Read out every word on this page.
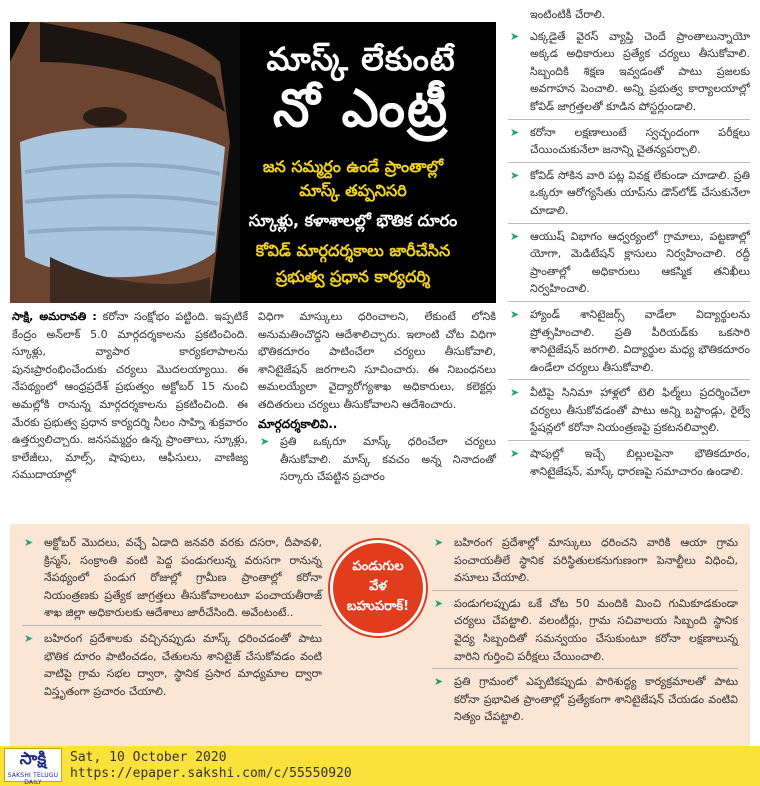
మాస్క్ లేకుంటే
నో ఎంట్రీ
జన సమ్మర్దం ఉండే ప్రాంతాల్లో
మాస్క్ తప్పనిసరి
స్కూళ్లు, కళాశాలల్లో భౌతిక దూరం
కోవిడ్ మార్గదర్శకాలు జారీచేసిన
ప్రభుత్వ ప్రధాన కార్యదర్శి

సాక్షి, అమరావతి : కరోనా సంక్షోభం పట్టింది. ఇప్పటికే కేంద్రం అన్‌లాక్ 5.0 మార్గదర్శకాలను ప్రకటించింది. స్కూళ్లు, వ్యాపార కార్యకలాపాలను పునఃప్రారంభించేందుకు చర్యలు మొదలయ్యాయి. ఈ నేపథ్యంలో ఆంధ్రప్రదేశ్ ప్రభుత్వం అక్టోబర్ 15 నుంచి అమల్లోకి రానున్న మార్గదర్శకాలను ప్రకటించింది. ఈ మేరకు ప్రభుత్వ ప్రధాన కార్యదర్శి నీలం సాహ్ని శుక్రవారం ఉత్తర్వులిచ్చారు. జనసమ్మర్దం ఉన్న ప్రాంతాలు, స్కూళ్లు, కాలేజీలు, మాల్స్, షాపులు, ఆఫీసులు, వాణిజ్య సముదాయాల్లో

విధిగా మాస్కులు ధరించాలని, లేకుంటే లోనికి అనుమతించొద్దని ఆదేశాలిచ్చారు. ఇలాంటి చోట విధిగా భౌతికదూరం పాటించేలా చర్యలు తీసుకోవాలి, శానిటైజేషన్ జరగాలని సూచించారు. ఈ నిబంధనలు అమలయ్యేలా వైద్యారోగ్యశాఖ అధికారులు, కలెక్టర్లు తదితరులు చర్యలు తీసుకోవాలని ఆదేశించారు.

మార్గదర్శకాలివి..
➤ ప్రతి ఒక్కరూ మాస్క్ ధరించేలా చర్యలు తీసుకోవాలి. మాస్క్ కవచం అన్న నినాదంతో సర్కారు చేపట్టిన ప్రచారం

ఇంటింటికీ చేరాలి.

➤ ఎక్కడైతే వైరస్ వ్యాప్తి చెందే ప్రాంతాలున్నాయో అక్కడ అధికారులు ప్రత్యేక చర్యలు తీసుకోవాలి. సిబ్బందికి శిక్షణ ఇవ్వడంతో పాటు ప్రజలకు అవగాహన పెంచాలి. అన్ని ప్రభుత్వ కార్యాలయాల్లో కోవిడ్ జాగ్రత్తలతో కూడిన పోస్టర్లుండాలి.
➤ కరోనా లక్షణాలుంటే స్వచ్ఛందంగా పరీక్షలు చేయించుకునేలా జనాన్ని చైతన్యపర్చాలి.
➤ కోవిడ్ సోకిన వారి పట్ల వివక్ష లేకుండా చూడాలి. ప్రతి ఒక్కరూ ఆరోగ్యసేతు యాప్‌ను డౌన్‌లోడ్ చేసుకునేలా చూడాలి.
➤ ఆయుష్ విభాగం ఆధ్వర్యంలో గ్రామాలు, పట్టణాల్లో యోగా, మెడిటేషన్ క్లాసులు నిర్వహించాలి. రద్దీ ప్రాంతాల్లో అధికారులు ఆకస్మిక తనిఖీలు నిర్వహించాలి.
➤ హ్యాండ్ శానిటైజర్స్ వాడేలా విద్యార్థులను ప్రోత్సహించాలి. ప్రతి పీరియడ్‌కు ఒకసారి శానిటైజేషన్ జరగాలి. విద్యార్థుల మధ్య భౌతికదూరం ఉండేలా చర్యలు తీసుకోవాలి.
➤ వీటిపై సినిమా హాళ్లలో టెలి ఫిల్మ్‌లు ప్రదర్శించేలా చర్యలు తీసుకోవడంతో పాటు అన్ని బస్టాండ్లు, రైల్వే స్టేషన్లలో కరోనా నియంత్రణపై ప్రకటనలివ్వాలి.
➤ షాపుల్లో ఇచ్చే బిల్లులపైనా భౌతికదూరం, శానిటైజేషన్, మాస్క్ ధారణపై సమాచారం ఉండాలి.
➤ అక్టోబర్ మొదలు, వచ్చే ఏడాది జనవరి వరకు దసరా, దీపావళి, క్రిస్మస్, సంక్రాంతి వంటి పెద్ద పండుగలున్న వరుసగా రానున్న నేపథ్యంలో పండుగ రోజుల్లో గ్రామీణ ప్రాంతాల్లో కరోనా నియంత్రణకు ప్రత్యేక జాగ్రత్తలు తీసుకోవాలంటూ పంచాయతీరాజ్ శాఖ జిల్లా అధికారులకు ఆదేశాలు జారీచేసింది. అవేంటంటే..
➤ బహిరంగ ప్రదేశాలకు వచ్చినప్పుడు మాస్క్ ధరించడంతో పాటు భౌతిక దూరం పాటించడం, చేతులను శానిటైజ్ చేసుకోవడం వంటి వాటిపై గ్రామ సభల ద్వారా, స్థానిక ప్రసార మాధ్యమాల ద్వారా విస్తృతంగా ప్రచారం చేయాలి.
పండుగుల
వేళ
బహుపరాక్!
➤ బహిరంగ ప్రదేశాల్లో మాస్కులు ధరించని వారికి ఆయా గ్రామ పంచాయతీలే స్థానిక పరిస్థితులకనుగుణంగా పెనాల్టీలు విధించి, వసూలు చేయాలి.
➤ పండుగలప్పుడు ఒకే చోట 50 మందికి మించి గుమికూడకుండా చర్యలు చేపట్టాలి. వలంటీర్లు, గ్రామ సచివాలయ సిబ్బంది స్థానిక వైద్య సిబ్బందితో సమన్వయం చేసుకుంటూ కరోనా లక్షణాలున్న వారిని గుర్తించి పరీక్షలు చేయించాలి.
➤ ప్రతి గ్రామంలో ఎప్పటికప్పుడు పారిశుద్ధ్య కార్యక్రమాలతో పాటు కరోనా ప్రభావిత ప్రాంతాల్లో ప్రత్యేకంగా శానిటైజేషన్ చేయడం వంటివి నిత్యం చేపట్టాలి.
సాక్షి
SAKSHI TELUGU DAILY
Sat, 10 October 2020
https://epaper.sakshi.com/c/55550920
